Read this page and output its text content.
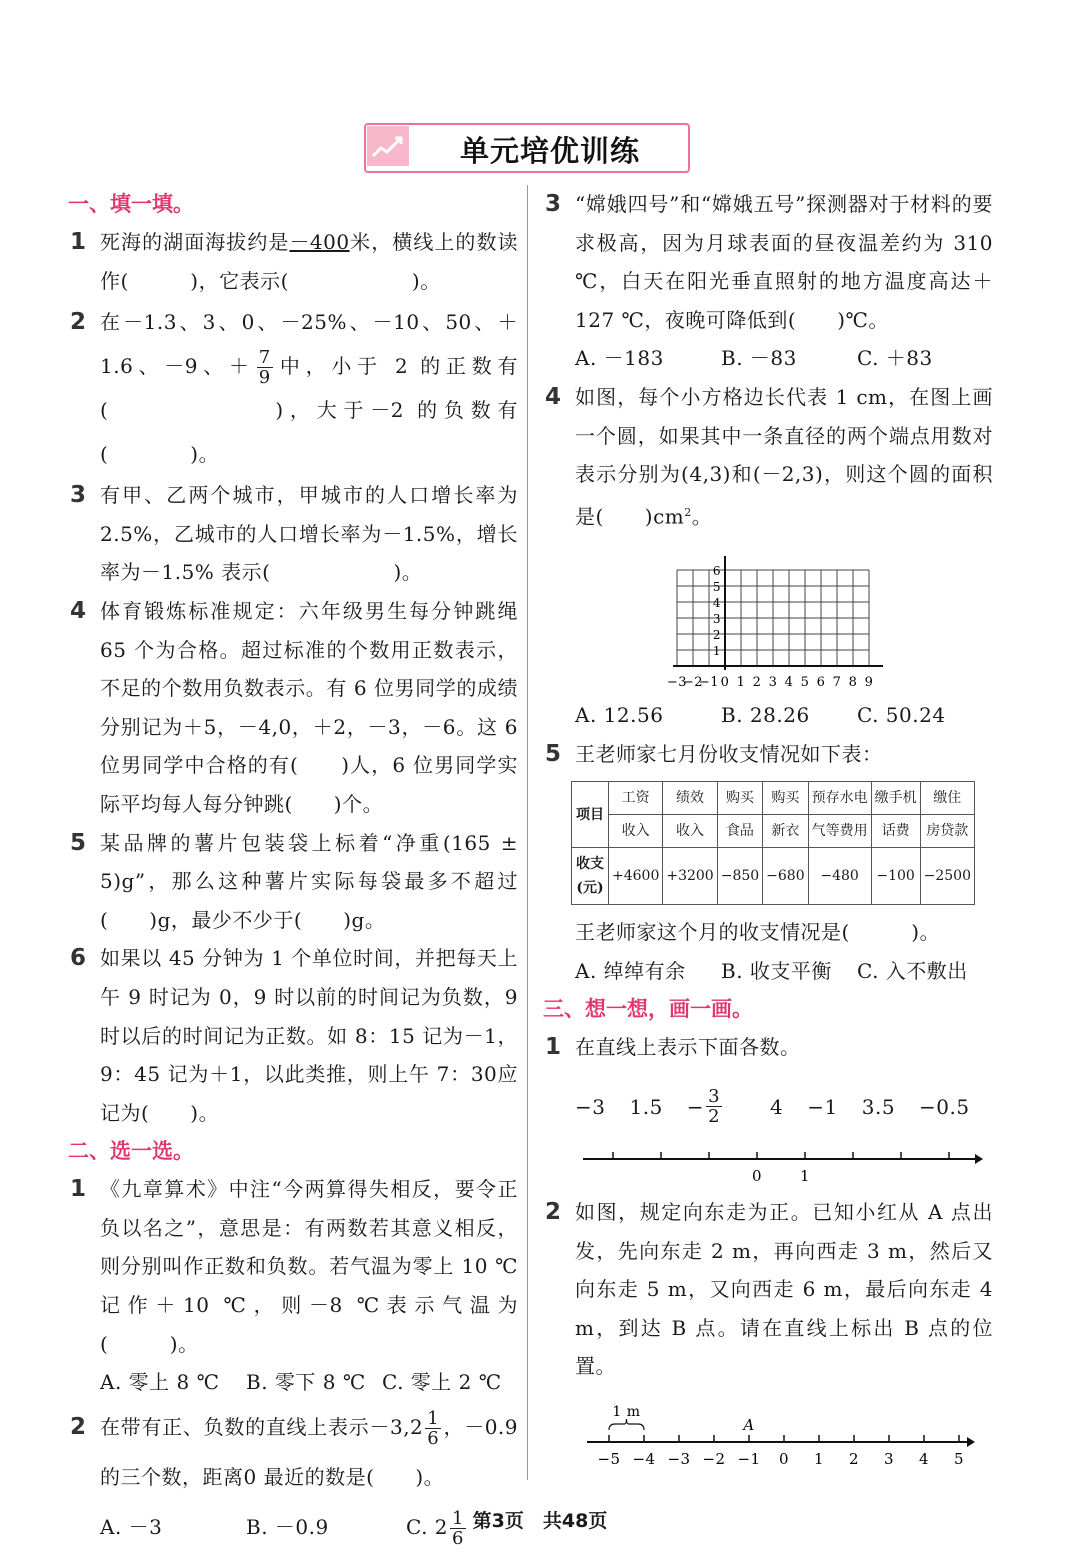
单元培优训练
一、填一填。
1 死海的湖面海拔约是－400米，横线上的数读作(　　　)，它表示(　　　　　　)。
2 在－1.3、3、0、－25%、－10、50、＋1.6、－9、＋ $\frac{7}{9}$ 中，小于 2 的正数有(　　　　　　)，大于－2 的负数有(　　　　)。
3 有甲、乙两个城市，甲城市的人口增长率为 2.5%，乙城市的人口增长率为－1.5%，增长率为－1.5% 表示(　　　　　　)。
4 体育锻炼标准规定：六年级男生每分钟跳绳 65 个为合格。超过标准的个数用正数表示，不足的个数用负数表示。有 6 位男同学的成绩分别记为＋5，－4,0，＋2，－3，－6。这 6 位男同学中合格的有(　　)人，6 位男同学实际平均每人每分钟跳(　　)个。
5 某品牌的薯片包装袋上标着“净重(165 ± 5)g”，那么这种薯片实际每袋最多不超过(　　)g，最少不少于(　　)g。
6 如果以 45 分钟为 1 个单位时间，并把每天上午 9 时记为 0，9 时以前的时间记为负数，9 时以后的时间记为正数。如 8：15 记为－1，9：45 记为＋1，以此类推，则上午 7：30应记为(　　)。
二、选一选。
1 《九章算术》中注“今两算得失相反，要令正负以名之”，意思是：有两数若其意义相反，则分别叫作正数和负数。若气温为零上 10 ℃记作＋10 ℃，则－8 ℃表示气温为(　　　)。
A. 零上 8 ℃	B. 零下 8 ℃ C. 零上 2 ℃
2 在带有正、负数的直线上表示$-3,2 \frac{1}{6}$ ，－0.9的三个数，距离0 最近的数是(　　)。
A. －3	B. －0.9	C. $2 \frac{1}{6}$
3 “嫦娥四号”和“嫦娥五号”探测器对于材料的要求极高，因为月球表面的昼夜温差约为 310 ℃，白天在阳光垂直照射的地方温度高达＋127 ℃，夜晚可降低到(　　)℃。
A. －183	B. －83	C. ＋83
4 如图，每个小方格边长代表 1 cm，在图上画一个圆，如果其中一条直径的两个端点用数对表示分别为(4,3)和(－2,3)，则这个圆的面积是(　　)$cm^2$。
−3
−2
−1 0 1 2 3 4 5 6 7 8 9
1
2
3
4
5
6
A. 12.56	B. 28.26	C. 50.24
5 王老师家七月份收支情况如下表：
项目	工资	绩效	购买	购买	预存水电	缴手机	缴住
	收入	收入	食品	新衣	气等费用	话费	房贷款
收支(元)	+4600	+3200	−850	−680	−480	−100	−2500
王老师家这个月的收支情况是(　　　)。
A. 绰绰有余	B. 收支平衡	C. 入不敷出
三、想一想，画一画。
1 在直线上表示下面各数。
−3 $1.5 - \frac{3}{2} 4 -1$ 3.5 −0.5
0	1
2 如图，规定向东走为正。已知小红从 A 点出发，先向东走 2 m，再向西走 3 m，然后又向东走 5 m，又向西走 6 m，最后向东走 4 m，到达 B 点。请在直线上标出 B 点的位置。
−5 −4 −3 −2 −1 0 1 2 3 4 5
1 m
A
第3页　共48页
